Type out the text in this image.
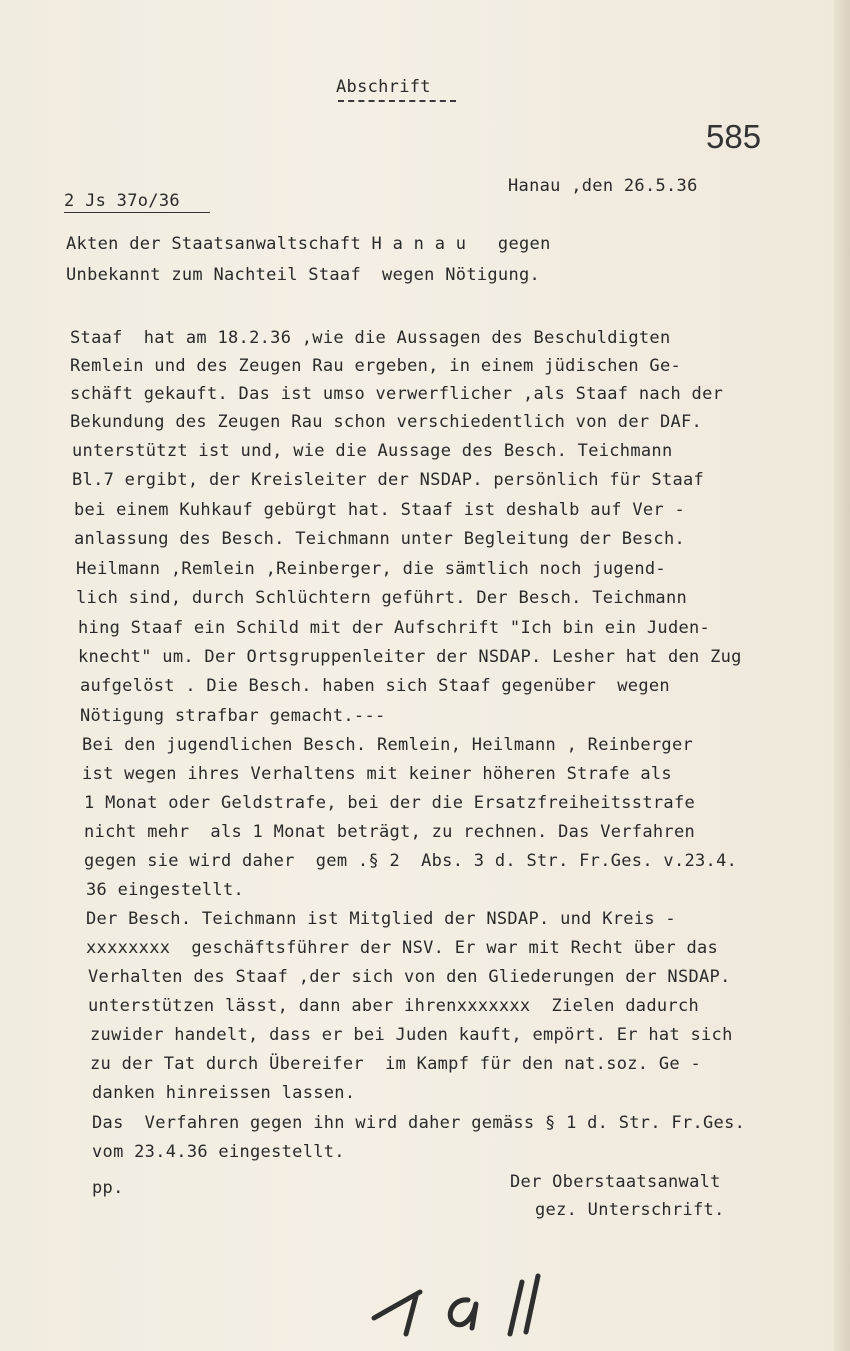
Abschrift
585
2 Js 37o/36
Hanau ,den 26.5.36
Akten der Staatsanwaltschaft H a n a u   gegen
Unbekannt zum Nachteil Staaf  wegen Nötigung.
Staaf  hat am 18.2.36 ,wie die Aussagen des Beschuldigten
Remlein und des Zeugen Rau ergeben, in einem jüdischen Ge-
schäft gekauft. Das ist umso verwerflicher ,als Staaf nach der
Bekundung des Zeugen Rau schon verschiedentlich von der DAF.
unterstützt ist und, wie die Aussage des Besch. Teichmann
Bl.7 ergibt, der Kreisleiter der NSDAP. persönlich für Staaf
bei einem Kuhkauf gebürgt hat. Staaf ist deshalb auf Ver -
anlassung des Besch. Teichmann unter Begleitung der Besch.
Heilmann ,Remlein ,Reinberger, die sämtlich noch jugend-
lich sind, durch Schlüchtern geführt. Der Besch. Teichmann
hing Staaf ein Schild mit der Aufschrift "Ich bin ein Juden-
knecht" um. Der Ortsgruppenleiter der NSDAP. Lesher hat den Zug
aufgelöst . Die Besch. haben sich Staaf gegenüber  wegen
Nötigung strafbar gemacht.---
Bei den jugendlichen Besch. Remlein, Heilmann , Reinberger
ist wegen ihres Verhaltens mit keiner höheren Strafe als
1 Monat oder Geldstrafe, bei der die Ersatzfreiheitsstrafe
nicht mehr  als 1 Monat beträgt, zu rechnen. Das Verfahren
gegen sie wird daher  gem .§ 2  Abs. 3 d. Str. Fr.Ges. v.23.4.
36 eingestellt.
Der Besch. Teichmann ist Mitglied der NSDAP. und Kreis -
xxxxxxxx  geschäftsführer der NSV. Er war mit Recht über das
Verhalten des Staaf ,der sich von den Gliederungen der NSDAP.
unterstützen lässt, dann aber ihrenxxxxxxx  Zielen dadurch
zuwider handelt, dass er bei Juden kauft, empört. Er hat sich
zu der Tat durch Übereifer  im Kampf für den nat.soz. Ge -
danken hinreissen lassen.
Das  Verfahren gegen ihn wird daher gemäss § 1 d. Str. Fr.Ges.
vom 23.4.36 eingestellt.
pp.	Der Oberstaatsanwalt
gez. Unterschrift.
